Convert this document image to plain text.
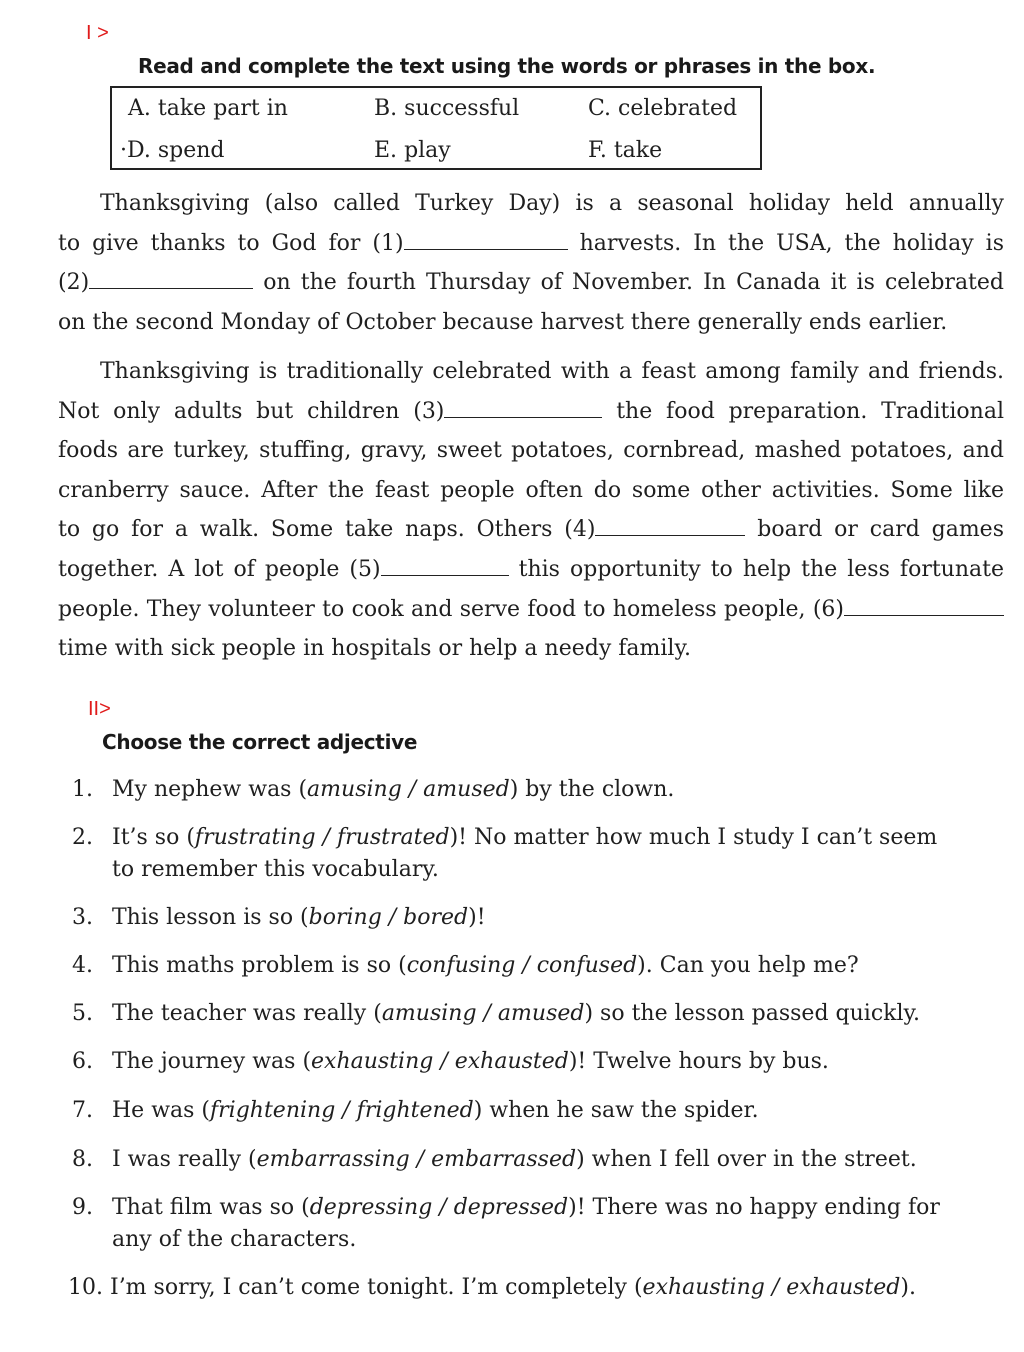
I >
Read and complete the text using the words or phrases in the box.
A. take part in	B. successful	C. celebrated
·D. spend	E. play	F. take
Thanksgiving (also called Turkey Day) is a seasonal holiday held annually
to give thanks to God for (1)	harvests. In the USA, the holiday is
(2)	on the fourth Thursday of November. In Canada it is celebrated
on the second Monday of October because harvest there generally ends earlier.
Thanksgiving is traditionally celebrated with a feast among family and friends.
Not only adults but children (3)	the food preparation. Traditional
foods are turkey, stuffing, gravy, sweet potatoes, cornbread, mashed potatoes, and
cranberry sauce. After the feast people often do some other activities. Some like
to go for a walk. Some take naps. Others (4)	board or card games
together. A lot of people (5)	this opportunity to help the less fortunate
people. They volunteer to cook and serve food to homeless people, (6)
time with sick people in hospitals or help a needy family.
II>
Choose the correct adjective
1. My nephew was (amusing / amused) by the clown.
2. It’s so (frustrating / frustrated)! No matter how much I study I can’t seem
to remember this vocabulary.
3. This lesson is so (boring / bored)!
4. This maths problem is so (confusing / confused). Can you help me?
5. The teacher was really (amusing / amused) so the lesson passed quickly.
6. The journey was (exhausting / exhausted)! Twelve hours by bus.
7. He was (frightening / frightened) when he saw the spider.
8. I was really (embarrassing / embarrassed) when I fell over in the street.
9. That film was so (depressing / depressed)! There was no happy ending for
any of the characters.
10. I’m sorry, I can’t come tonight. I’m completely (exhausting / exhausted).
